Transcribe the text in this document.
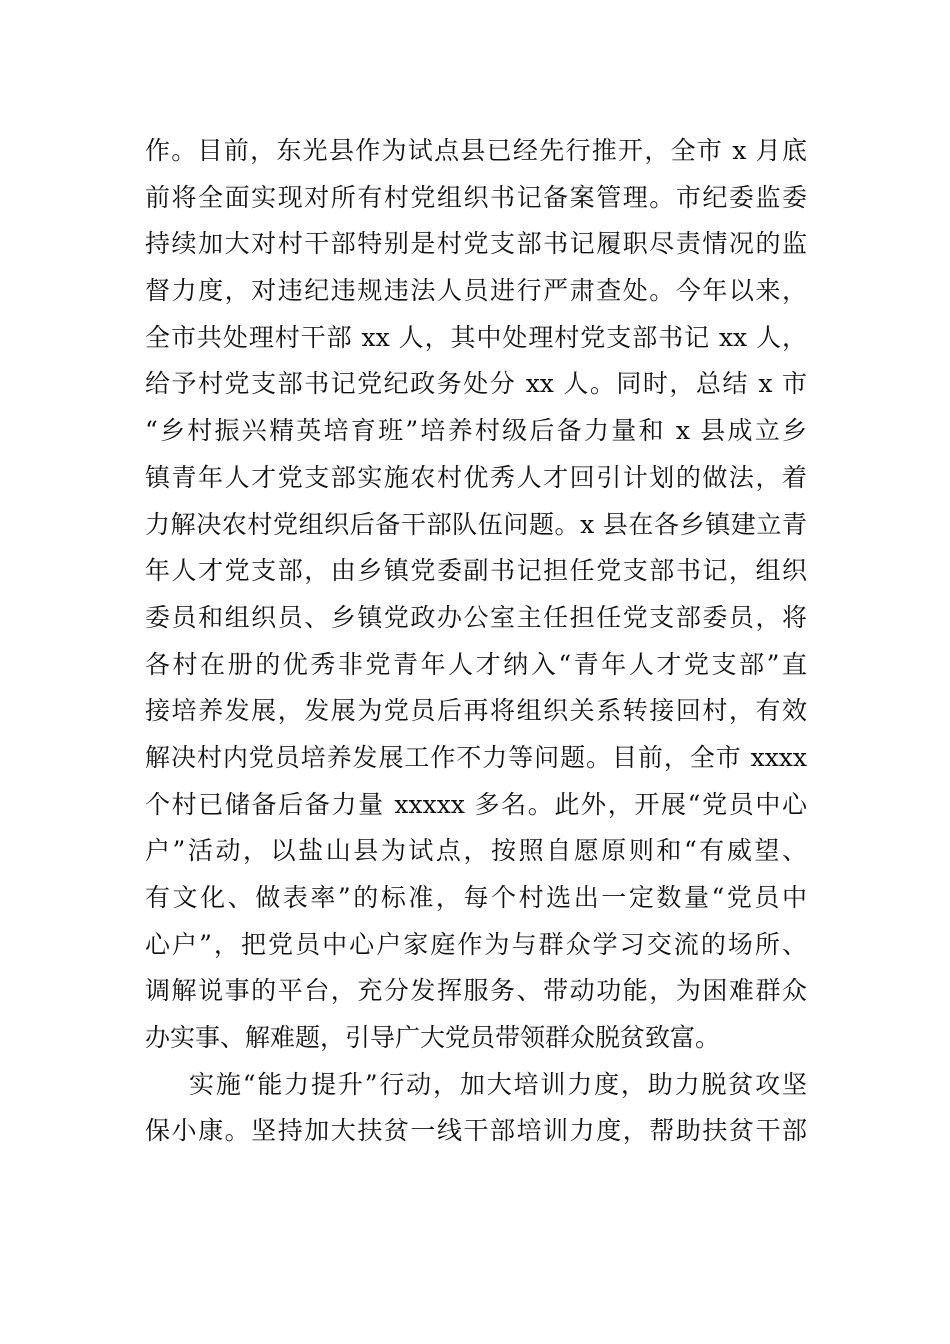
作。目前，东光县作为试点县已经先行推开，全市 x 月底
前将全面实现对所有村党组织书记备案管理。市纪委监委
持续加大对村干部特别是村党支部书记履职尽责情况的监
督力度，对违纪违规违法人员进行严肃查处。今年以来，
全市共处理村干部 xx 人，其中处理村党支部书记 xx 人，
给予村党支部书记党纪政务处分 xx 人。同时，总结 x 市
“乡村振兴精英培育班”培养村级后备力量和 x 县成立乡
镇青年人才党支部实施农村优秀人才回引计划的做法，着
力解决农村党组织后备干部队伍问题。x 县在各乡镇建立青
年人才党支部，由乡镇党委副书记担任党支部书记，组织
委员和组织员、乡镇党政办公室主任担任党支部委员，将
各村在册的优秀非党青年人才纳入“青年人才党支部”直
接培养发展，发展为党员后再将组织关系转接回村，有效
解决村内党员培养发展工作不力等问题。目前，全市 xxxx
个村已储备后备力量 xxxxx 多名。此外，开展“党员中心
户”活动，以盐山县为试点，按照自愿原则和“有威望、
有文化、做表率”的标准，每个村选出一定数量“党员中
心户”，把党员中心户家庭作为与群众学习交流的场所、
调解说事的平台，充分发挥服务、带动功能，为困难群众
办实事、解难题，引导广大党员带领群众脱贫致富。
实施“能力提升”行动，加大培训力度，助力脱贫攻坚
保小康。坚持加大扶贫一线干部培训力度，帮助扶贫干部
